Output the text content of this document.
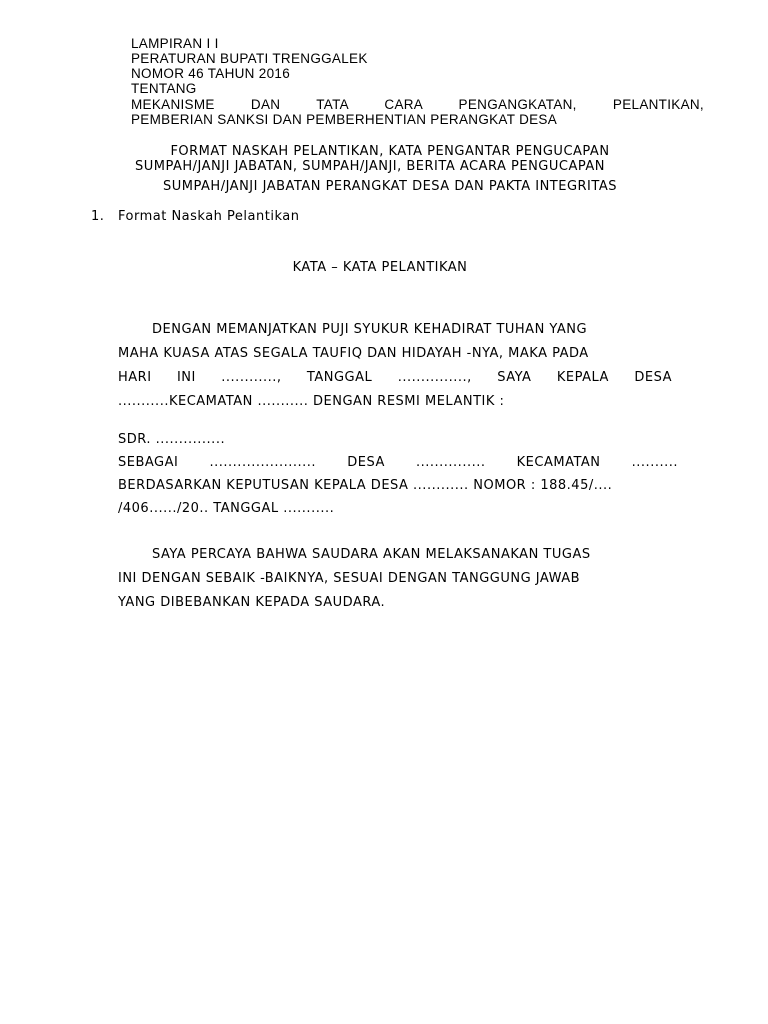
LAMPIRAN I I

PERATURAN BUPATI TRENGGALEK

NOMOR 46 TAHUN 2016

TENTANG

MEKANISME DAN TATA CARA PENGANGKATAN, PELANTIKAN,

PEMBERIAN SANKSI DAN PEMBERHENTIAN PERANGKAT DESA

FORMAT NASKAH PELANTIKAN, KATA PENGANTAR PENGUCAPAN

SUMPAH/JANJI JABATAN, SUMPAH/JANJI, BERITA ACARA PENGUCAPAN

SUMPAH/JANJI JABATAN PERANGKAT DESA DAN PAKTA INTEGRITAS

1. Format Naskah Pelantikan

KATA – KATA PELANTIKAN

DENGAN MEMANJATKAN PUJI SYUKUR KEHADIRAT TUHAN YANG

MAHA KUASA ATAS SEGALA TAUFIQ DAN HIDAYAH -NYA, MAKA PADA

HARI INI ............, TANGGAL ..............., SAYA KEPALA DESA

...........KECAMATAN ........... DENGAN RESMI MELANTIK :

SDR. ...............

SEBAGAI ....................... DESA ............... KECAMATAN ..........

BERDASARKAN KEPUTUSAN KEPALA DESA ............ NOMOR : 188.45/....

/406....../20.. TANGGAL ...........

SAYA PERCAYA BAHWA SAUDARA AKAN MELAKSANAKAN TUGAS

INI DENGAN SEBAIK -BAIKNYA, SESUAI DENGAN TANGGUNG JAWAB

YANG DIBEBANKAN KEPADA SAUDARA.
